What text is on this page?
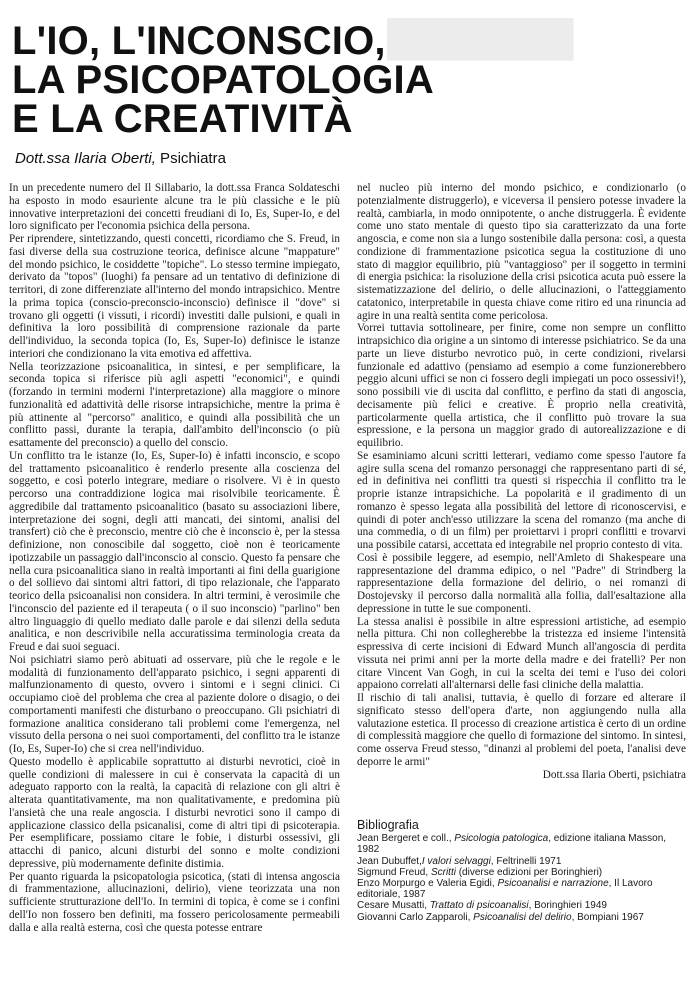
▇▇▇▇▇▇
L'IO, L'INCONSCIO,
LA PSICOPATOLOGIA
E LA CREATIVITÀ
Dott.ssa Ilaria Oberti, Psichiatra

In un precedente numero del Il Sillabario, la dott.ssa Franca Soldateschi ha esposto in modo esauriente alcune tra le più classiche e le più innovative interpretazioni dei concetti freudiani di Io, Es, Super-Io, e del loro significato per l'economia psichica della persona.

Per riprendere, sintetizzando, questi concetti, ricordiamo che S. Freud, in fasi diverse della sua costruzione teorica, definisce alcune "mappature" del mondo psichico, le cosiddette "topiche". Lo stesso termine impiegato, derivato da "topos" (luoghi) fa pensare ad un tentativo di definizione di territori, di zone differenziate all'interno del mondo intrapsichico. Mentre la prima topica (conscio-preconscio-inconscio) definisce il "dove" si trovano gli oggetti (i vissuti, i ricordi) investiti dalle pulsioni, e quali in definitiva la loro possibilità di comprensione razionale da parte dell'individuo, la seconda topica (Io, Es, Super-Io) definisce le istanze interiori che condizionano la vita emotiva ed affettiva.

Nella teorizzazione psicoanalitica, in sintesi, e per semplificare, la seconda topica si riferisce più agli aspetti "economici", e quindi (forzando in termini moderni l'interpretazione) alla maggiore o minore funzionalità ed adattività delle risorse intrapsichiche, mentre la prima è più attinente al "percorso" analitico, e quindi alla possibilità che un conflitto passi, durante la terapia, dall'ambito dell'inconscio (o più esattamente del preconscio) a quello del conscio.

Un conflitto tra le istanze (Io, Es, Super-Io) è infatti inconscio, e scopo del trattamento psicoanalitico è renderlo presente alla coscienza del soggetto, e così poterlo integrare, mediare o risolvere. Vi è in questo percorso una contraddizione logica mai risolvibile teoricamente. È aggredibile dal trattamento psicoanalitico (basato su associazioni libere, interpretazione dei sogni, degli atti mancati, dei sintomi, analisi del transfert) ciò che è preconscio, mentre ciò che è inconscio è, per la stessa definizione, non conoscibile dal soggetto, cioè non è teoricamente ipotizzabile un passaggio dall'inconscio al conscio. Questo fa pensare che nella cura psicoanalitica siano in realtà importanti ai fini della guarigione o del sollievo dai sintomi altri fattori, di tipo relazionale, che l'apparato teorico della psicoanalisi non considera. In altri termini, è verosimile che l'inconscio del paziente ed il terapeuta ( o il suo inconscio) "parlino" ben altro linguaggio di quello mediato dalle parole e dai silenzi della seduta analitica, e non descrivibile nella accuratissima terminologia creata da Freud e dai suoi seguaci.

Noi psichiatri siamo però abituati ad osservare, più che le regole e le modalità di funzionamento dell'apparato psichico, i segni apparenti di malfunzionamento di questo, ovvero i sintomi e i segni clinici. Ci occupiamo cioè del problema che crea al paziente dolore o disagio, o dei comportamenti manifesti che disturbano o preoccupano. Gli psichiatri di formazione analitica considerano tali problemi come l'emergenza, nel vissuto della persona o nei suoi comportamenti, del conflitto tra le istanze (Io, Es, Super-Io) che si crea nell'individuo.

Questo modello è applicabile soprattutto ai disturbi nevrotici, cioè in quelle condizioni di malessere in cui è conservata la capacità di un adeguato rapporto con la realtà, la capacità di relazione con gli altri è alterata quantitativamente, ma non qualitativamente, e predomina più l'ansietà che una reale angoscia. I disturbi nevrotici sono il campo di applicazione classico della psicanalisi, come di altri tipi di psicoterapia. Per esemplificare, possiamo citare le fobie, i disturbi ossessivi, gli attacchi di panico, alcuni disturbi del sonno e molte condizioni depressive, più modernamente definite distimia.

Per quanto riguarda la psicopatologia psicotica, (stati di intensa angoscia di frammentazione, allucinazioni, delirio), viene teorizzata una non sufficiente strutturazione dell'Io. In termini di topica, è come se i confini dell'Io non fossero ben definiti, ma fossero pericolosamente permeabili dalla e alla realtà esterna, così che questa potesse entrare

nel nucleo più interno del mondo psichico, e condizionarlo (o potenzialmente distruggerlo), e viceversa il pensiero potesse invadere la realtà, cambiarla, in modo onnipotente, o anche distruggerla. È evidente come uno stato mentale di questo tipo sia caratterizzato da una forte angoscia, e come non sia a lungo sostenibile dalla persona: così, a questa condizione di frammentazione psicotica segua la costituzione di uno stato di maggior equilibrio, più "vantaggioso" per il soggetto in termini di energia psichica: la risoluzione della crisi psicotica acuta può essere la sistematizzazione del delirio, o delle allucinazioni, o l'atteggiamento catatonico, interpretabile in questa chiave come ritiro ed una rinuncia ad agire in una realtà sentita come pericolosa.

Vorrei tuttavia sottolineare, per finire, come non sempre un conflitto intrapsichico dia origine a un sintomo di interesse psichiatrico. Se da una parte un lieve disturbo nevrotico può, in certe condizioni, rivelarsi funzionale ed adattivo (pensiamo ad esempio a come funzionerebbero peggio alcuni uffici se non ci fossero degli impiegati un poco ossessivi!), sono possibili vie di uscita dal conflitto, e perfino da stati di angoscia, decisamente più felici e creative. È proprio nella creatività, particolarmente quella artistica, che il conflitto può trovare la sua espressione, e la persona un maggior grado di autorealizzazione e di equilibrio.

Se esaminiamo alcuni scritti letterari, vediamo come spesso l'autore fa agire sulla scena del romanzo personaggi che rappresentano parti di sé, ed in definitiva nei conflitti tra questi si rispecchia il conflitto tra le proprie istanze intrapsichiche. La popolarità e il gradimento di un romanzo è spesso legata alla possibilità del lettore di riconoscervisi, e quindi di poter anch'esso utilizzare la scena del romanzo (ma anche di una commedia, o di un film) per proiettarvi i propri conflitti e trovarvi una possibile catarsi, accettata ed integrabile nel proprio contesto di vita.

Così è possibile leggere, ad esempio, nell'Amleto di Shakespeare una rappresentazione del dramma edipico, o nel "Padre" di Strindberg la rappresentazione della formazione del delirio, o nei romanzi di Dostojevsky il percorso dalla normalità alla follia, dall'esaltazione alla depressione in tutte le sue componenti.

La stessa analisi è possibile in altre espressioni artistiche, ad esempio nella pittura. Chi non collegherebbe la tristezza ed insieme l'intensità espressiva di certe incisioni di Edward Munch all'angoscia di perdita vissuta nei primi anni per la morte della madre e dei fratelli? Per non citare Vincent Van Gogh, in cui la scelta dei temi e l'uso dei colori appaiono correlati all'alternarsi delle fasi cliniche della malattia.

Il rischio di tali analisi, tuttavia, è quello di forzare ed alterare il significato stesso dell'opera d'arte, non aggiungendo nulla alla valutazione estetica. Il processo di creazione artistica è certo di un ordine di complessità maggiore che quello di formazione del sintomo. In sintesi, come osserva Freud stesso, "dinanzi al problemi del poeta, l'analisi deve deporre le armi"

Dott.ssa Ilaria Oberti, psichiatra

Bibliografia
Jean Bergeret e coll., Psicologia patologica, edizione italiana Masson, 1982
Jean Dubuffet,I valori selvaggi, Feltrinelli 1971
Sigmund Freud, Scritti (diverse edizioni per Boringhieri)
Enzo Morpurgo e Valeria Egidi, Psicoanalisi e narrazione, Il Lavoro editoriale, 1987
Cesare Musatti, Trattato di psicoanalisi, Boringhieri 1949
Giovanni Carlo Zapparoli, Psicoanalisi del delirio, Bompiani 1967
